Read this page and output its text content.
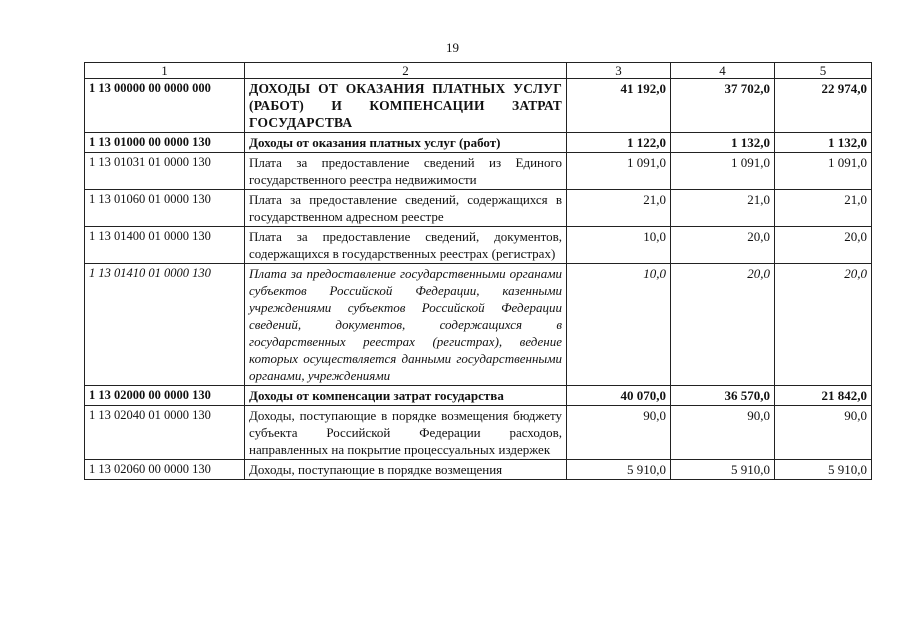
19
1	2	3	4	5
1 13 00000 00 0000 000	ДОХОДЫ ОТ ОКАЗАНИЯ ПЛАТНЫХ УСЛУГ (РАБОТ) И КОМПЕНСАЦИИ ЗАТРАТ ГОСУДАРСТВА	41 192,0	37 702,0	22 974,0
1 13 01000 00 0000 130	Доходы от оказания платных услуг (работ)	1 122,0	1 132,0	1 132,0
1 13 01031 01 0000 130	Плата за предоставление сведений из Единого государственного реестра недвижимости	1 091,0	1 091,0	1 091,0
1 13 01060 01 0000 130	Плата за предоставление сведений, содержащихся в государственном адресном реестре	21,0	21,0	21,0
1 13 01400 01 0000 130	Плата за предоставление сведений, документов, содержащихся в государственных реестрах (регистрах)	10,0	20,0	20,0
1 13 01410 01 0000 130	Плата за предоставление государственными органами субъектов Российской Федерации, казенными учреждениями субъектов Российской Федерации сведений, документов, содержащихся в государственных реестрах (регистрах), ведение которых осуществляется данными государственными органами, учреждениями	10,0	20,0	20,0
1 13 02000 00 0000 130	Доходы от компенсации затрат государства	40 070,0	36 570,0	21 842,0
1 13 02040 01 0000 130	Доходы, поступающие в порядке возмещения бюджету субъекта Российской Федерации расходов, направленных на покрытие процессуальных издержек	90,0	90,0	90,0
1 13 02060 00 0000 130	Доходы, поступающие в порядке возмещения	5 910,0	5 910,0	5 910,0
